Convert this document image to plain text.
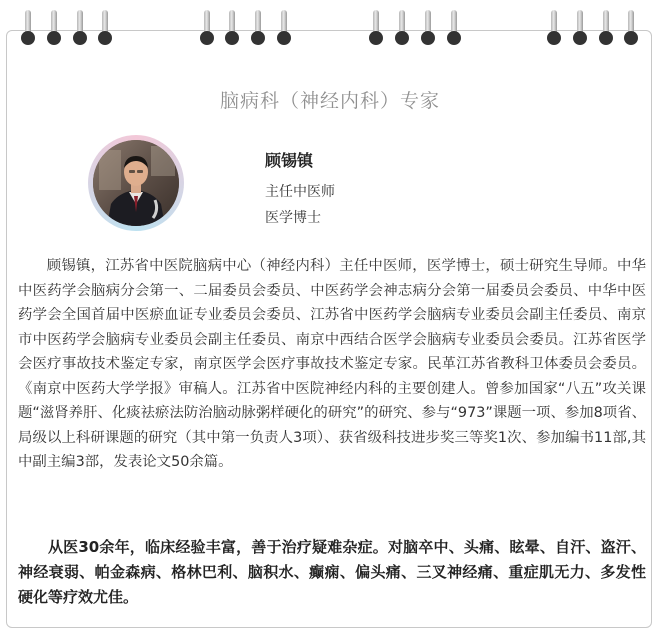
脑病科（神经内科）专家
顾锡镇
主任中医师
医学博士

顾锡镇，江苏省中医院脑病中心（神经内科）主任中医师，医学博士，硕士研究生导师。中华中医药学会脑病分会第一、二届委员会委员、中医药学会神志病分会第一届委员会委员、中华中医药学会全国首届中医瘀血证专业委员会委员、江苏省中医药学会脑病专业委员会副主任委员、南京市中医药学会脑病专业委员会副主任委员、南京中西结合医学会脑病专业委员会委员。江苏省医学会医疗事故技术鉴定专家，南京医学会医疗事故技术鉴定专家。民革江苏省教科卫体委员会委员。《南京中医药大学学报》审稿人。江苏省中医院神经内科的主要创建人。曾参加国家“八五”攻关课题“滋肾养肝、化痰祛瘀法防治脑动脉粥样硬化的研究”的研究、参与“973”课题一项、参加8项省、局级以上科研课题的研究（其中第一负责人3项）、获省级科技进步奖三等奖1次、参加编书11部,其中副主编3部，发表论文50余篇。

从医30余年，临床经验丰富，善于治疗疑难杂症。对脑卒中、头痛、眩晕、自汗、盗汗、神经衰弱、帕金森病、格林巴利、脑积水、癫痫、偏头痛、三叉神经痛、重症肌无力、多发性硬化等疗效尤佳。
